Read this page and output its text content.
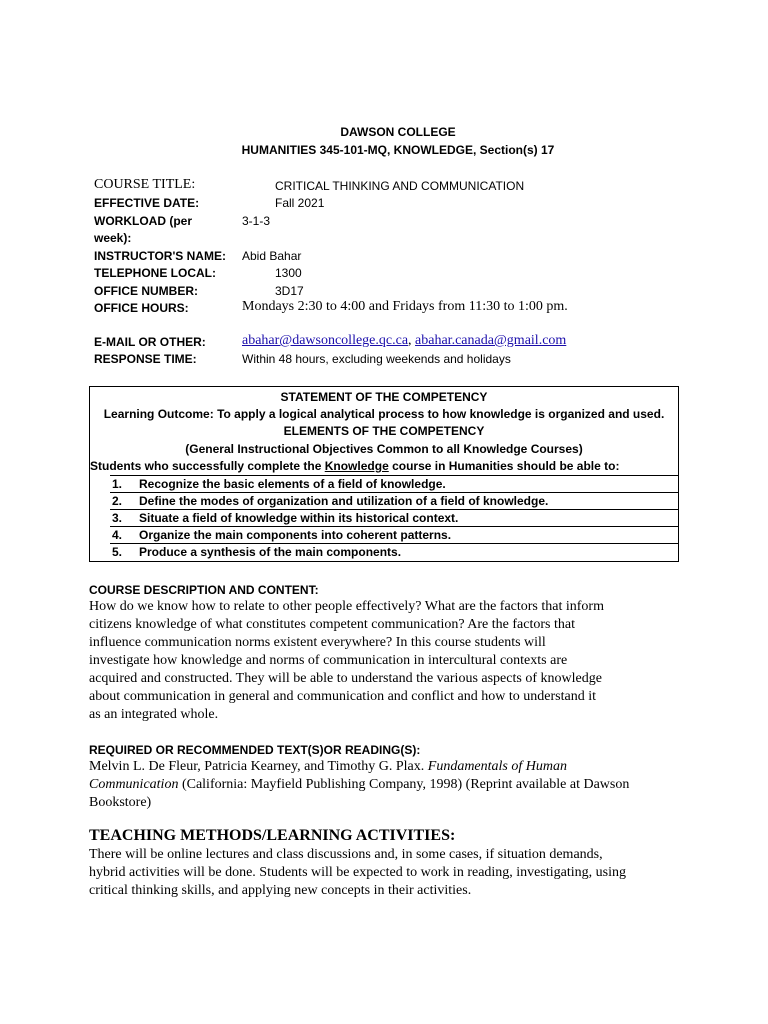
DAWSON COLLEGE
HUMANITIES 345-101-MQ, KNOWLEDGE, Section(s) 17
COURSE TITLE:	CRITICAL THINKING AND COMMUNICATION
EFFECTIVE DATE:	Fall 2021
WORKLOAD (per
week):
3-1-3
INSTRUCTOR'S NAME: Abid Bahar
TELEPHONE LOCAL:	1300
OFFICE NUMBER:	3D17
OFFICE HOURS:	Mondays 2:30 to 4:00 and Fridays from 11:30 to 1:00 pm.
E-MAIL OR OTHER:	abahar@dawsoncollege.qc.ca, abahar.canada@gmail.com
RESPONSE TIME:	Within 48 hours, excluding weekends and holidays
STATEMENT OF THE COMPETENCY
Learning Outcome: To apply a logical analytical process to how knowledge is organized and used.
ELEMENTS OF THE COMPETENCY
(General Instructional Objectives Common to all Knowledge Courses)
Students who successfully complete the Knowledge course in Humanities should be able to:
1. Recognize the basic elements of a field of knowledge.
2. Define the modes of organization and utilization of a field of knowledge.
3. Situate a field of knowledge within its historical context.
4. Organize the main components into coherent patterns.
5. Produce a synthesis of the main components.
COURSE DESCRIPTION AND CONTENT:
How do we know how to relate to other people effectively? What are the factors that inform
citizens knowledge of what constitutes competent communication? Are the factors that
influence communication norms existent everywhere? In this course students will
investigate how knowledge and norms of communication in intercultural contexts are
acquired and constructed. They will be able to understand the various aspects of knowledge
about communication in general and communication and conflict and how to understand it
as an integrated whole.
REQUIRED OR RECOMMENDED TEXT(S)OR READING(S):
Melvin L. De Fleur, Patricia Kearney, and Timothy G. Plax. Fundamentals of Human
Communication (California: Mayfield Publishing Company, 1998) (Reprint available at Dawson
Bookstore)
TEACHING METHODS/LEARNING ACTIVITIES:
There will be online lectures and class discussions and, in some cases, if situation demands,
hybrid activities will be done. Students will be expected to work in reading, investigating, using
critical thinking skills, and applying new concepts in their activities.
